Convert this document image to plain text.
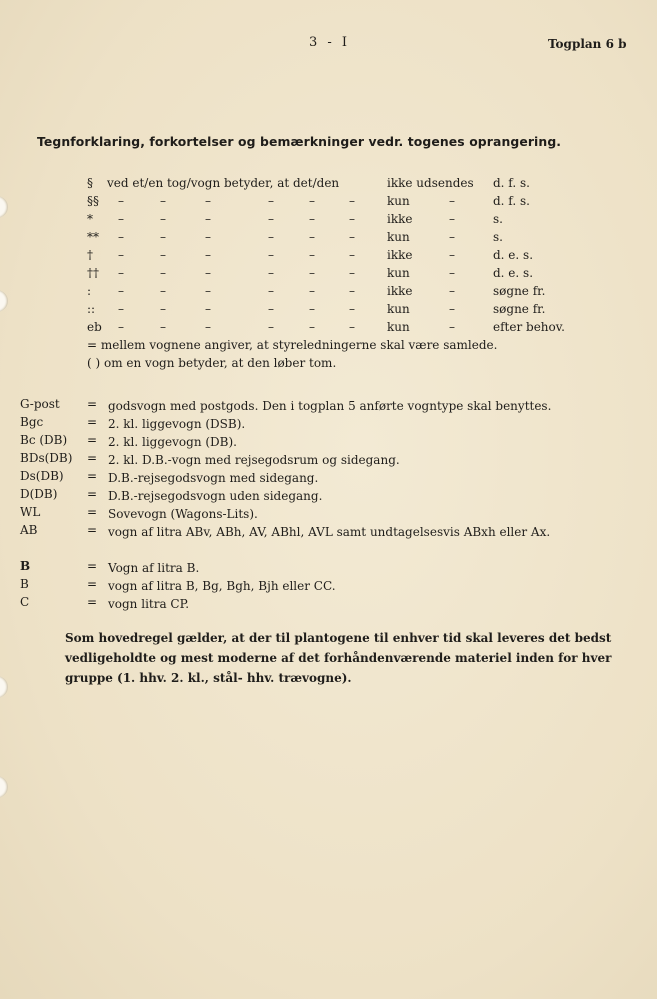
3 - I	Togplan 6 b
Tegnforklaring, forkortelser og bemærkninger vedr. togenes oprangering.
§ ved et/en tog/vogn betyder, at det/den	ikke udsendes d. f. s.
§§ –	–	–	–	–	–	kun	–	d. f. s.
* –	–	–	–	–	–	ikke	–	s.
** –	–	–	–	–	–	kun	–	s.
† –	–	–	–	–	–	ikke	–	d. e. s.
†† –	–	–	–	–	–	kun	–	d. e. s.
: –	–	–	–	–	–	ikke	–	søgne fr.
:: –	–	–	–	–	–	kun	–	søgne fr.
eb –	–	–	–	–	–	kun	–	efter behov.
= mellem vognene angiver, at styreledningerne skal være samlede.
( ) om en vogn betyder, at den løber tom.
G-post = godsvogn med postgods. Den i togplan 5 anførte vogntype skal benyttes.
Bgc	= 2. kl. liggevogn (DSB).
Bc (DB) = 2. kl. liggevogn (DB).
BDs(DB) = 2. kl. D.B.-vogn med rejsegodsrum og sidegang.
Ds(DB) = D.B.-rejsegodsvogn med sidegang.
D(DB) = D.B.-rejsegodsvogn uden sidegang.
WL	= Sovevogn (Wagons-Lits).
AB	= vogn af litra ABv, ABh, AV, ABhl, AVL samt undtagelsesvis ABxh eller Ax.
B	= Vogn af litra B.
B	= vogn af litra B, Bg, Bgh, Bjh eller CC.
C	= vogn litra CP.

Som hovedregel gælder, at der til plantogene til enhver tid skal leveres det bedst vedligeholdte og mest moderne af det forhåndenværende materiel inden for hver gruppe (1. hhv. 2. kl., stål- hhv. trævogne).
